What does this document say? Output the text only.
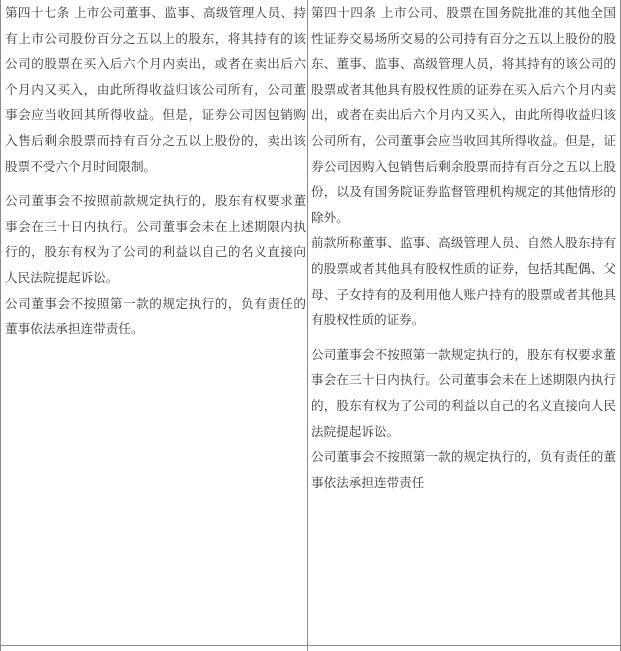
第四十七条 上市公司董事、监事、高级管理人员、持有上市公司股份百分之五以上的股东，将其持有的该公司的股票在买入后六个月内卖出，或者在卖出后六个月内又买入，由此所得收益归该公司所有，公司董事会应当收回其所得收益。但是，证券公司因包销购入售后剩余股票而持有百分之五以上股份的，卖出该股票不受六个月时间限制。

公司董事会不按照前款规定执行的，股东有权要求董事会在三十日内执行。公司董事会未在上述期限内执行的，股东有权为了公司的利益以自己的名义直接向人民法院提起诉讼。

公司董事会不按照第一款的规定执行的，负有责任的董事依法承担连带责任。

第四十四条 上市公司、股票在国务院批准的其他全国性证券交易场所交易的公司持有百分之五以上股份的股东、董事、监事、高级管理人员，将其持有的该公司的股票或者其他具有股权性质的证券在买入后六个月内卖出，或者在卖出后六个月内又买入，由此所得收益归该公司所有，公司董事会应当收回其所得收益。但是，证券公司因购入包销售后剩余股票而持有百分之五以上股份，以及有国务院证券监督管理机构规定的其他情形的除外。

前款所称董事、监事、高级管理人员、自然人股东持有的股票或者其他具有股权性质的证券，包括其配偶、父母、子女持有的及利用他人账户持有的股票或者其他具有股权性质的证券。

公司董事会不按照第一款规定执行的，股东有权要求董事会在三十日内执行。公司董事会未在上述期限内执行的，股东有权为了公司的利益以自己的名义直接向人民法院提起诉讼。

公司董事会不按照第一款的规定执行的，负有责任的董事依法承担连带责任
